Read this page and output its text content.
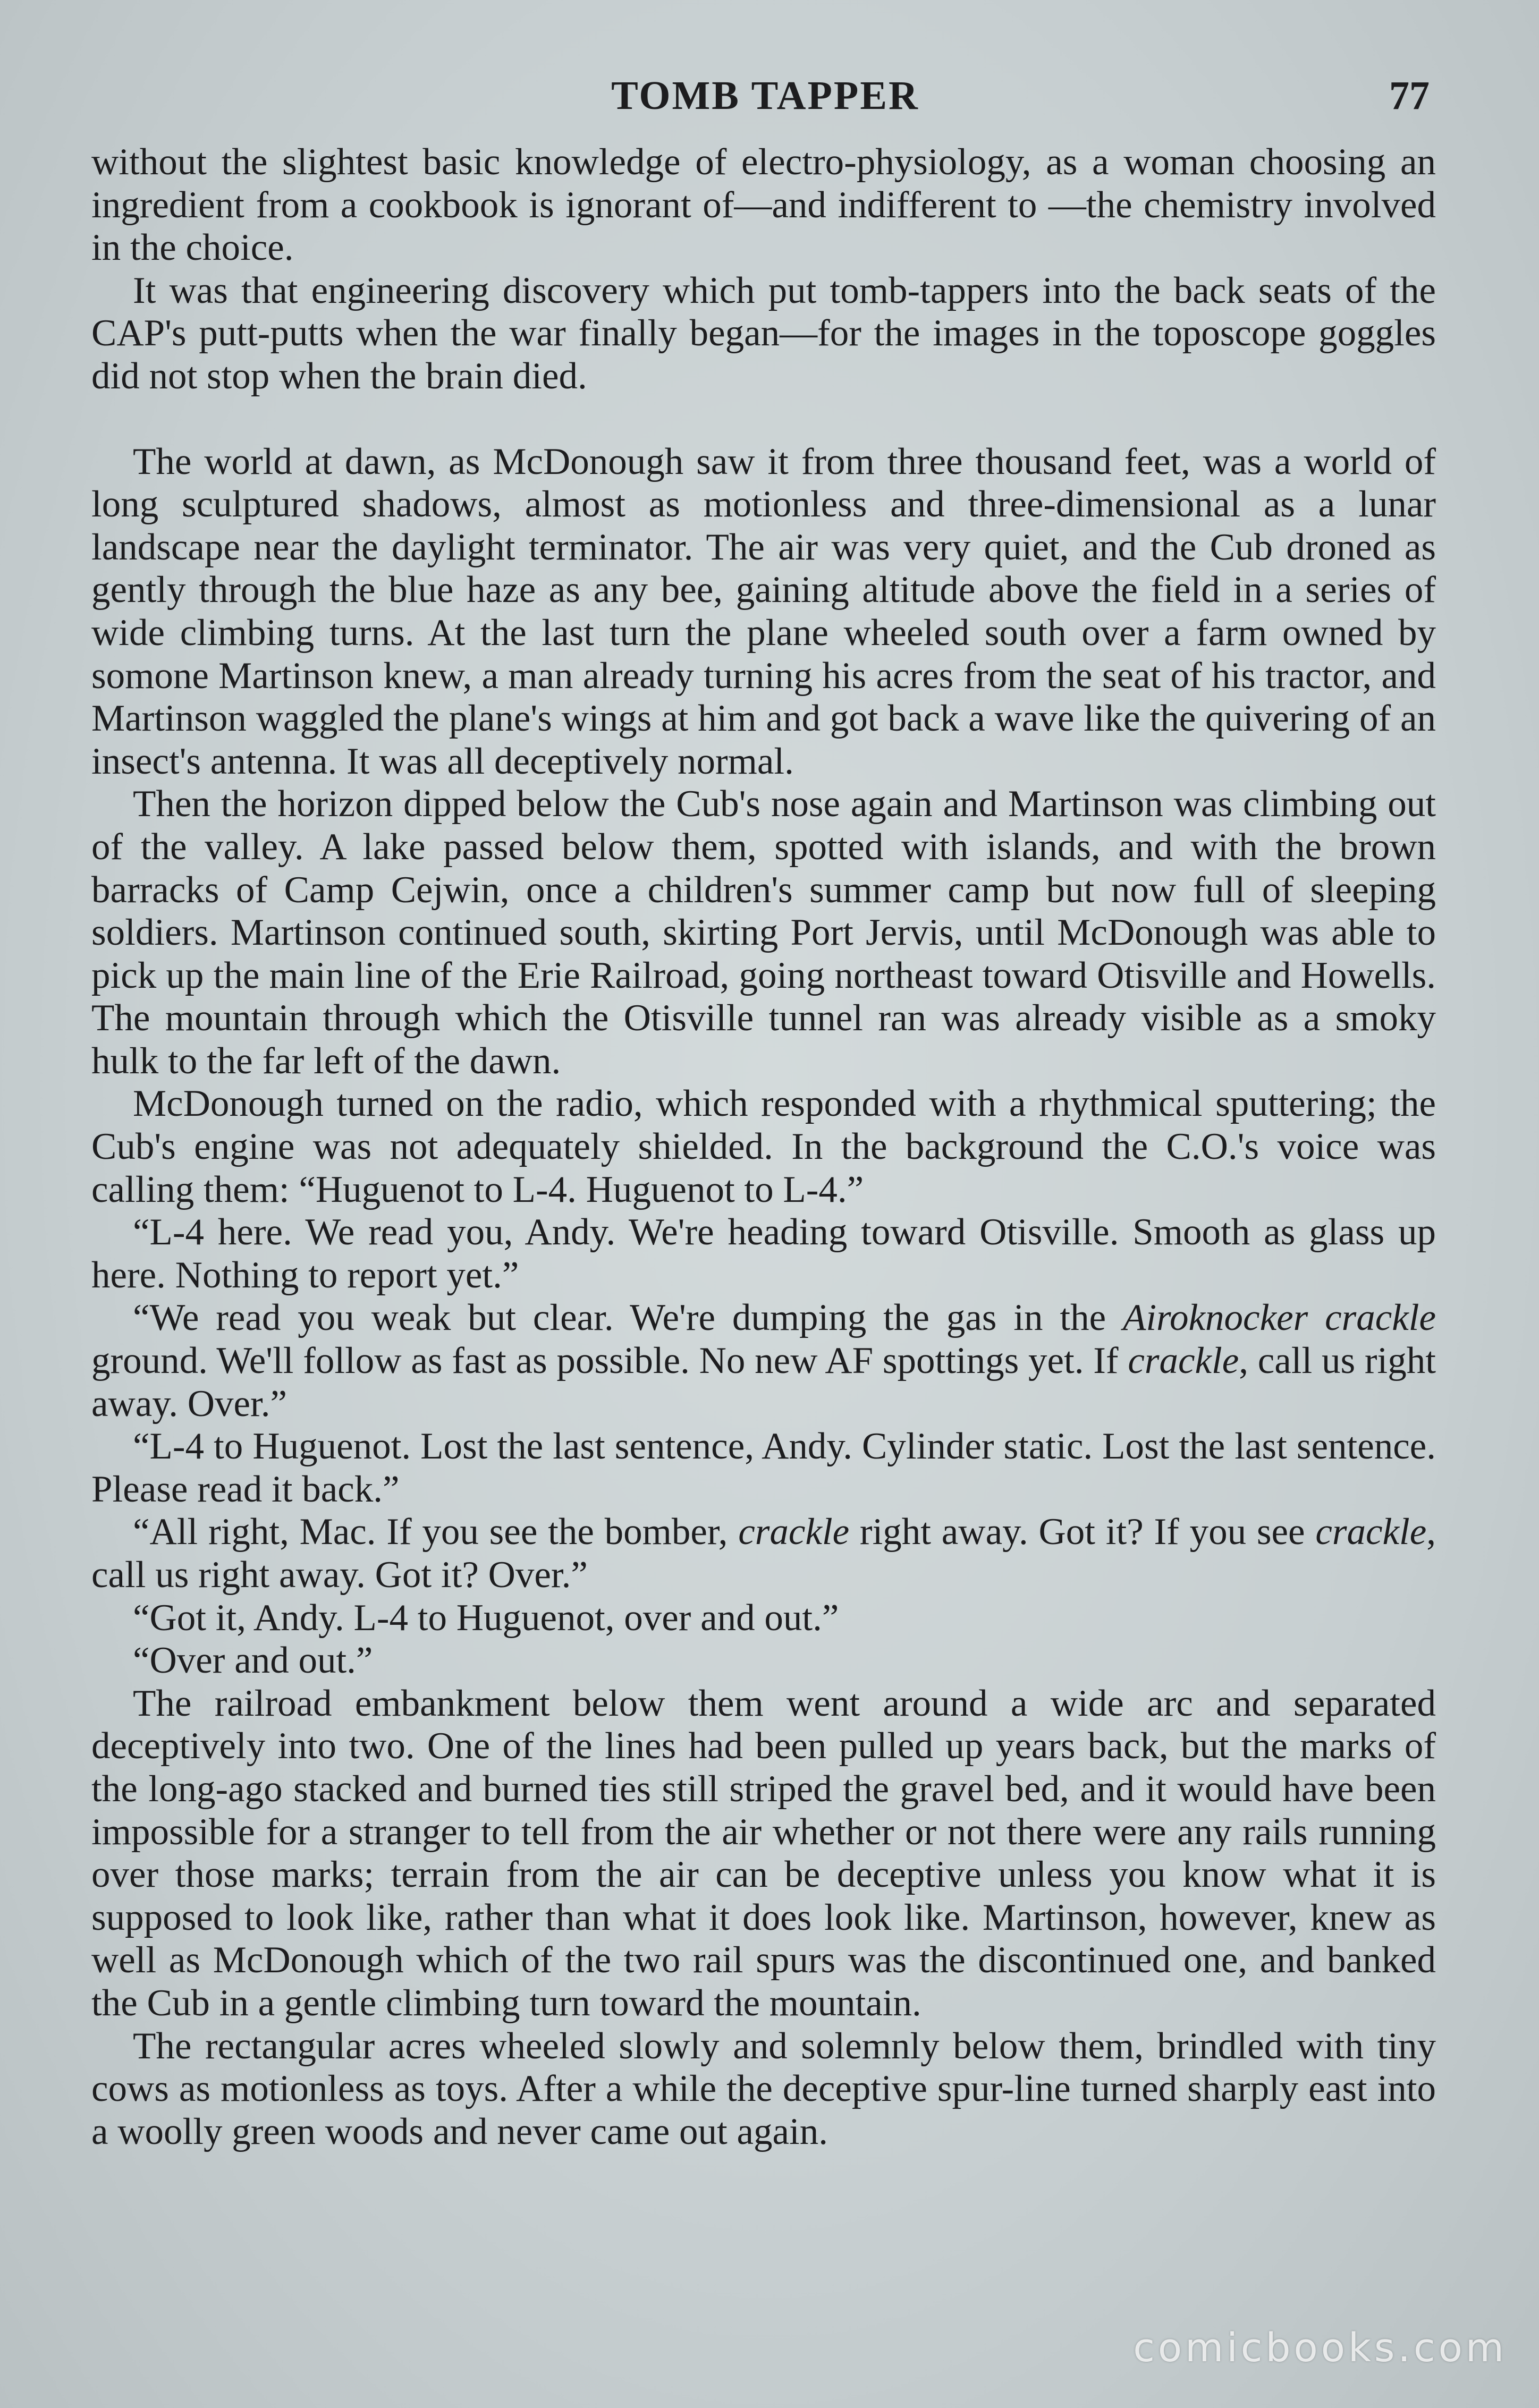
TOMB TAPPER	77

without the slightest basic knowledge of electro-physiology, as a woman choosing an ingredient from a cookbook is ignorant of—and indifferent to —the chemistry involved in the choice.

It was that engineering discovery which put tomb-tappers into the back seats of the CAP's putt-putts when the war finally began—for the images in the toposcope goggles did not stop when the brain died.

The world at dawn, as McDonough saw it from three thousand feet, was a world of long sculptured shadows, almost as motionless and three-dimensional as a lunar landscape near the daylight terminator. The air was very quiet, and the Cub droned as gently through the blue haze as any bee, gaining altitude above the field in a series of wide climbing turns. At the last turn the plane wheeled south over a farm owned by somone Martinson knew, a man already turning his acres from the seat of his tractor, and Martinson waggled the plane's wings at him and got back a wave like the quivering of an insect's antenna. It was all deceptively normal.

Then the horizon dipped below the Cub's nose again and Martinson was climbing out of the valley. A lake passed below them, spotted with islands, and with the brown barracks of Camp Cejwin, once a children's summer camp but now full of sleeping soldiers. Martinson continued south, skirting Port Jervis, until McDonough was able to pick up the main line of the Erie Railroad, going northeast toward Otisville and Howells. The mountain through which the Otisville tunnel ran was already visible as a smoky hulk to the far left of the dawn.

McDonough turned on the radio, which responded with a rhythmical sputtering; the Cub's engine was not adequately shielded. In the background the C.O.'s voice was calling them: “Huguenot to L-4. Huguenot to L-4.”

“L-4 here. We read you, Andy. We're heading toward Otisville. Smooth as glass up here. Nothing to report yet.”

“We read you weak but clear. We're dumping the gas in the Airoknocker crackle ground. We'll follow as fast as possible. No new AF spottings yet. If crackle, call us right away. Over.”

“L-4 to Huguenot. Lost the last sentence, Andy. Cylinder static. Lost the last sentence. Please read it back.”

“All right, Mac. If you see the bomber, crackle right away. Got it? If you see crackle, call us right away. Got it? Over.”

“Got it, Andy. L-4 to Huguenot, over and out.”

“Over and out.”

The railroad embankment below them went around a wide arc and separated deceptively into two. One of the lines had been pulled up years back, but the marks of the long-ago stacked and burned ties still striped the gravel bed, and it would have been impossible for a stranger to tell from the air whether or not there were any rails running over those marks; terrain from the air can be deceptive unless you know what it is supposed to look like, rather than what it does look like. Martinson, however, knew as well as McDonough which of the two rail spurs was the discontinued one, and banked the Cub in a gentle climbing turn toward the mountain.

The rectangular acres wheeled slowly and solemnly below them, brindled with tiny cows as motionless as toys. After a while the deceptive spur-line turned sharply east into a woolly green woods and never came out again.

comicbooks.com
